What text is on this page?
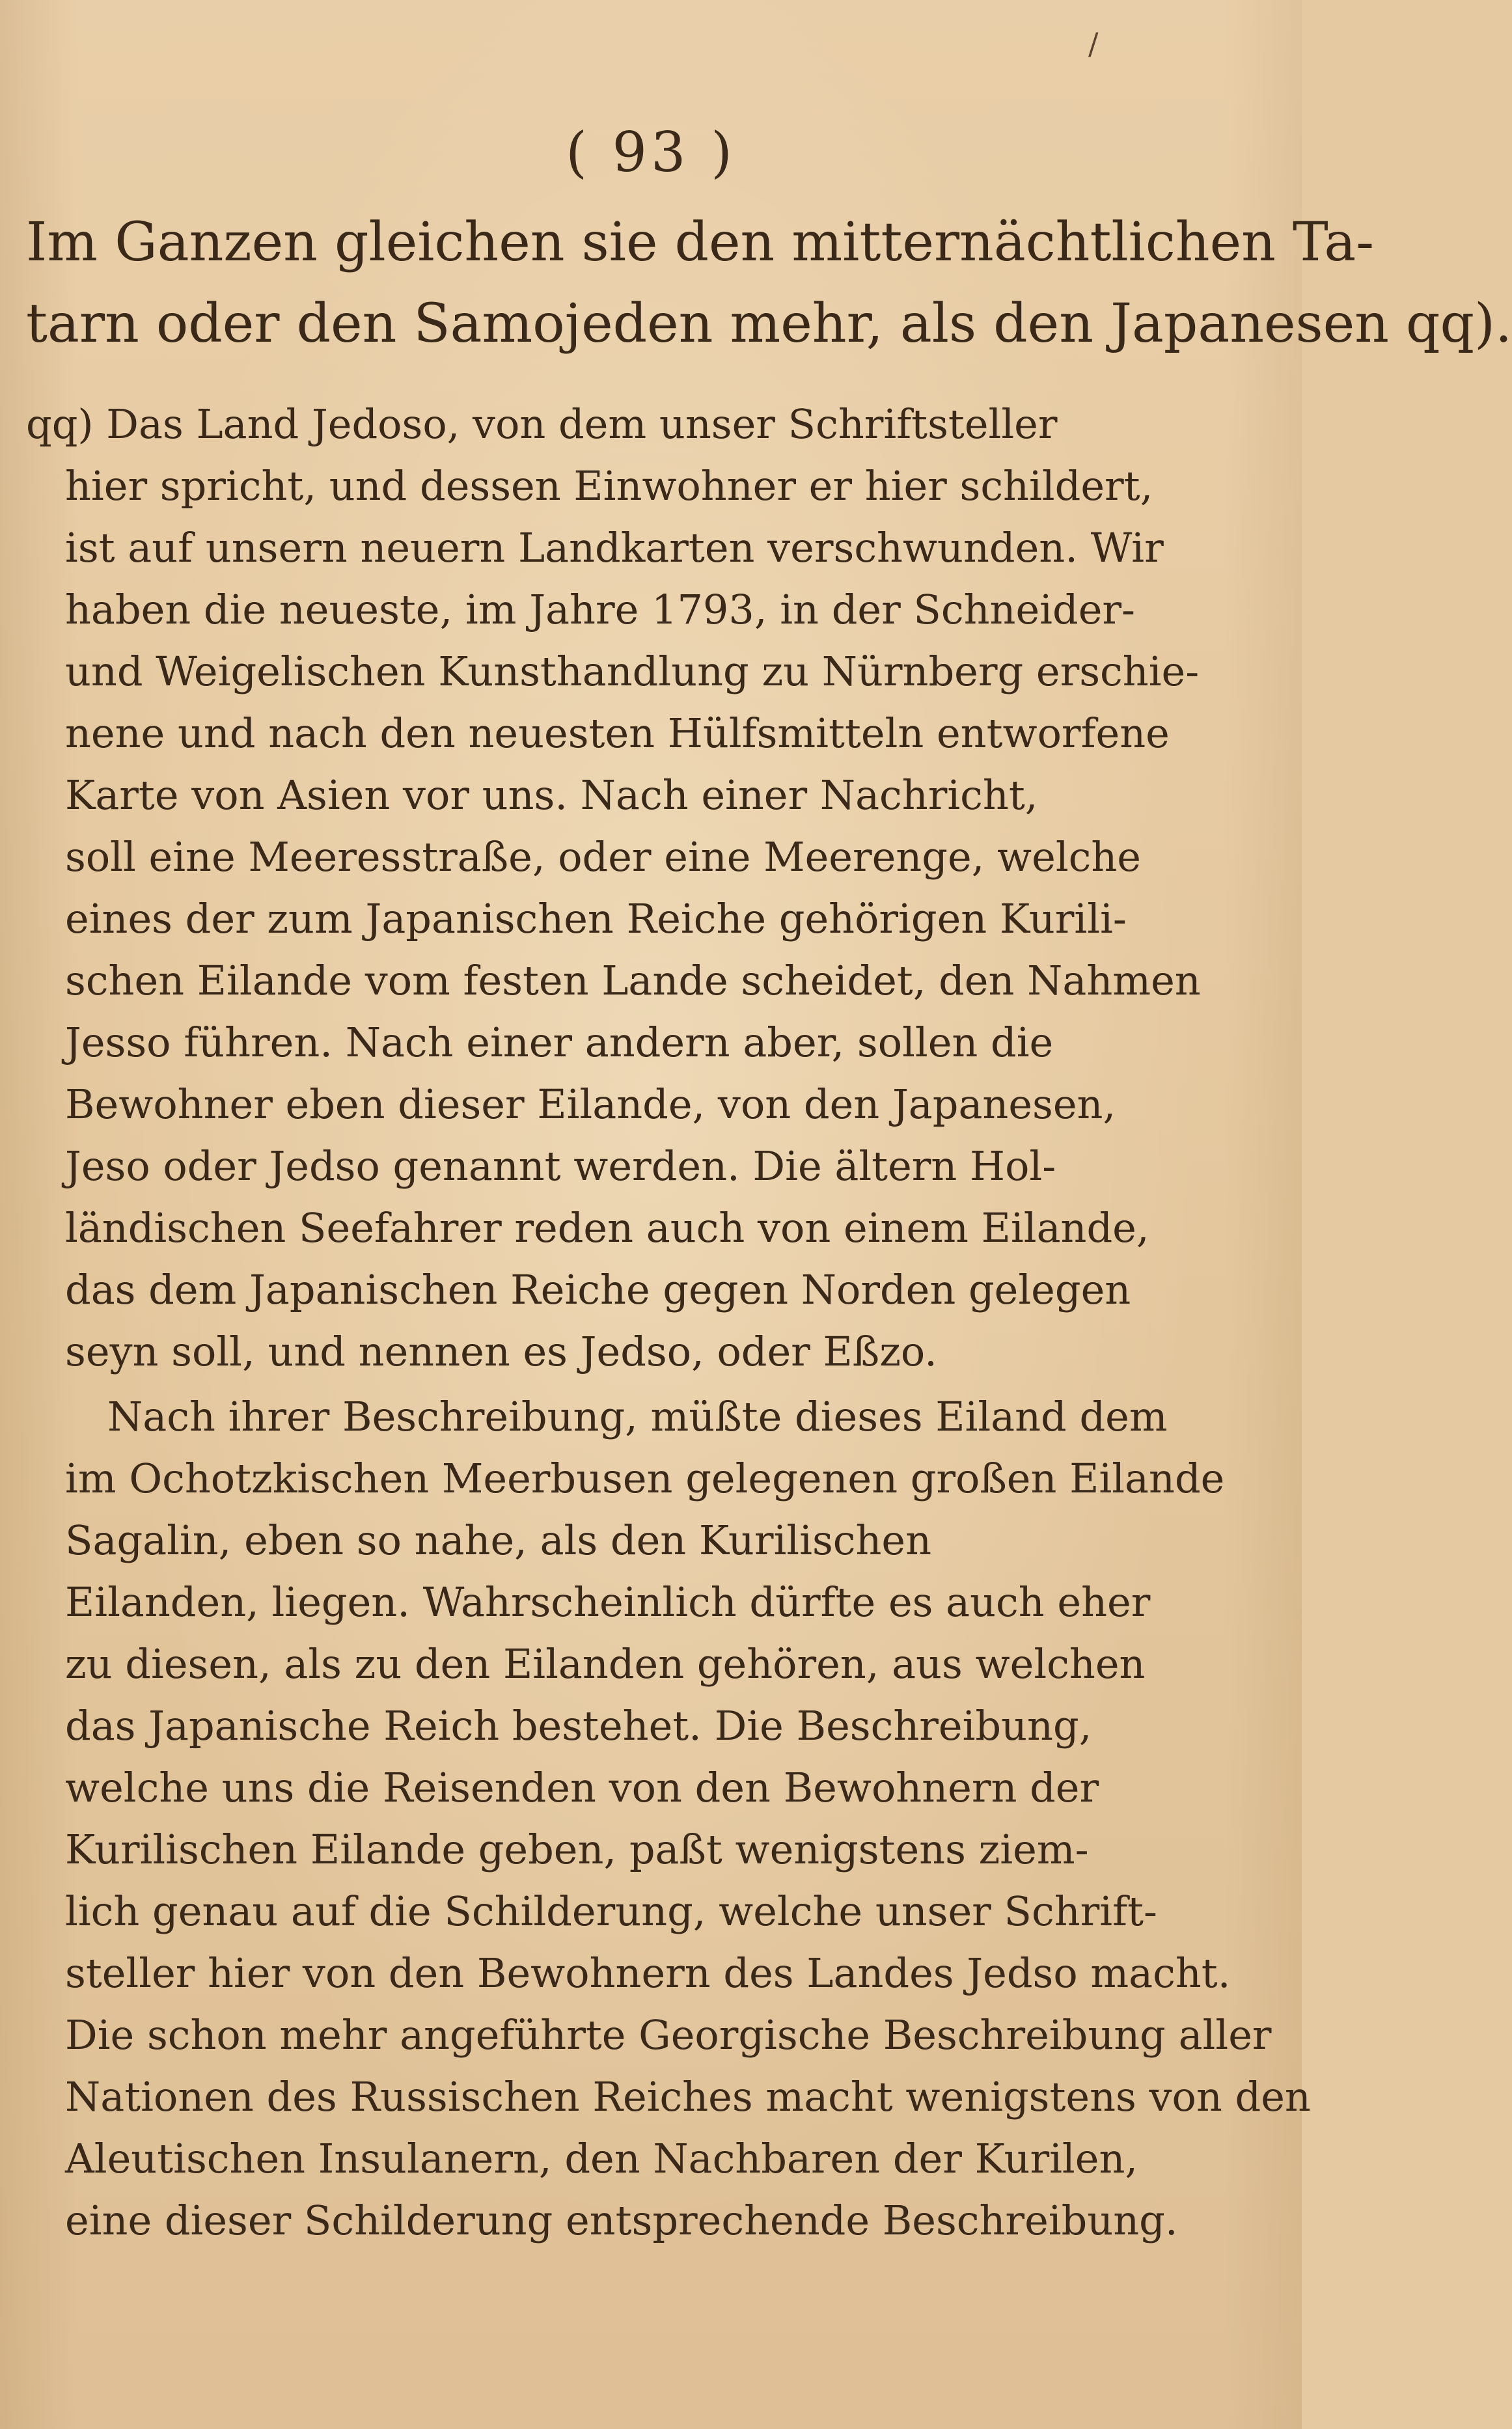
/
( 93 )
Im Ganzen gleichen sie den mitternächtlichen Ta-
tarn oder den Samojeden mehr, als den Japanesen qq).
qq) Das Land Jedoso, von dem unser Schriftsteller
hier spricht, und dessen Einwohner er hier schildert,
ist auf unsern neuern Landkarten verschwunden. Wir
haben die neueste, im Jahre 1793, in der Schneider-
und Weigelischen Kunsthandlung zu Nürnberg erschie-
nene und nach den neuesten Hülfsmitteln entworfene
Karte von Asien vor uns. Nach einer Nachricht,
soll eine Meeresstraße, oder eine Meerenge, welche
eines der zum Japanischen Reiche gehörigen Kurili-
schen Eilande vom festen Lande scheidet, den Nahmen
Jesso führen. Nach einer andern aber, sollen die
Bewohner eben dieser Eilande, von den Japanesen,
Jeso oder Jedso genannt werden. Die ältern Hol-
ländischen Seefahrer reden auch von einem Eilande,
das dem Japanischen Reiche gegen Norden gelegen
seyn soll, und nennen es Jedso, oder Eßzo.
Nach ihrer Beschreibung, müßte dieses Eiland dem
im Ochotzkischen Meerbusen gelegenen großen Eilande
Sagalin, eben so nahe, als den Kurilischen
Eilanden, liegen. Wahrscheinlich dürfte es auch eher
zu diesen, als zu den Eilanden gehören, aus welchen
das Japanische Reich bestehet. Die Beschreibung,
welche uns die Reisenden von den Bewohnern der
Kurilischen Eilande geben, paßt wenigstens ziem-
lich genau auf die Schilderung, welche unser Schrift-
steller hier von den Bewohnern des Landes Jedso macht.
Die schon mehr angeführte Georgische Beschreibung aller
Nationen des Russischen Reiches macht wenigstens von den
Aleutischen Insulanern, den Nachbaren der Kurilen,
eine dieser Schilderung entsprechende Beschreibung.
